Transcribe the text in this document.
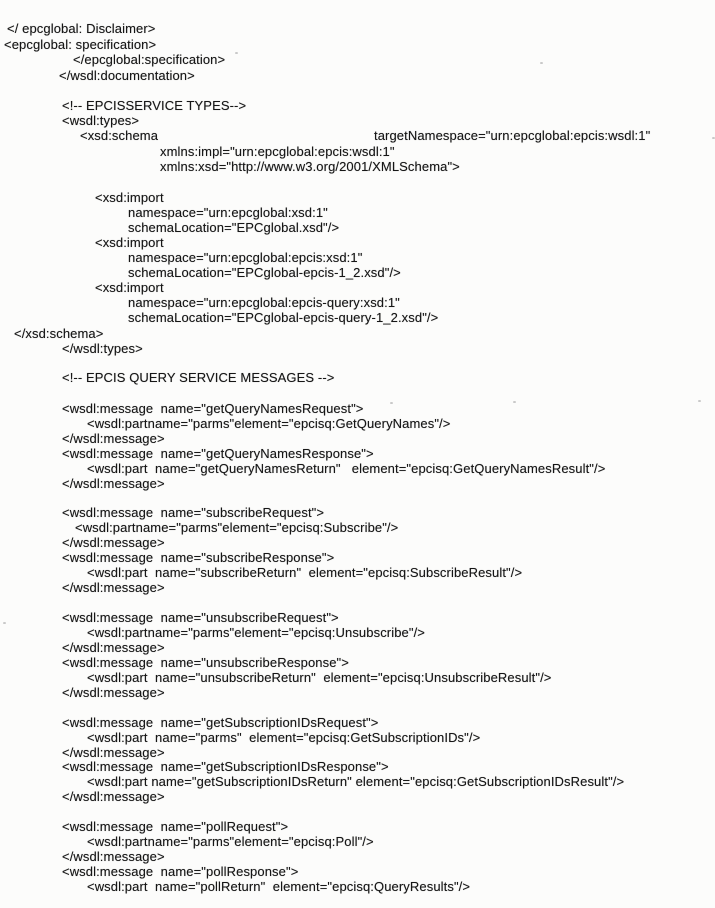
</ epcglobal: Disclaimer>
<epcglobal: specification>
</epcglobal:specification>
</wsdl:documentation>
<!-- EPCISSERVICE TYPES-->
<wsdl:types>
<xsd:schema	targetNamespace="urn:epcglobal:epcis:wsdl:1"
xmlns:impl="urn:epcglobal:epcis:wsdl:1"
xmlns:xsd="http://www.w3.org/2001/XMLSchema">
<xsd:import
namespace="urn:epcglobal:xsd:1"
schemaLocation="EPCglobal.xsd"/>
<xsd:import
namespace="urn:epcglobal:epcis:xsd:1"
schemaLocation="EPCglobal-epcis-1_2.xsd"/>
<xsd:import
namespace="urn:epcglobal:epcis-query:xsd:1"
schemaLocation="EPCglobal-epcis-query-1_2.xsd"/>
</xsd:schema>
</wsdl:types>
<!-- EPCIS QUERY SERVICE MESSAGES -->
<wsdl:message  name="getQueryNamesRequest">
<wsdl:partname="parms"element="epcisq:GetQueryNames"/>
</wsdl:message>
<wsdl:message  name="getQueryNamesResponse">
<wsdl:part  name="getQueryNamesReturn"   element="epcisq:GetQueryNamesResult"/>
</wsdl:message>
<wsdl:message  name="subscribeRequest">
<wsdl:partname="parms"element="epcisq:Subscribe"/>
</wsdl:message>
<wsdl:message  name="subscribeResponse">
<wsdl:part  name="subscribeReturn"  element="epcisq:SubscribeResult"/>
</wsdl:message>
<wsdl:message  name="unsubscribeRequest">
<wsdl:partname="parms"element="epcisq:Unsubscribe"/>
</wsdl:message>
<wsdl:message  name="unsubscribeResponse">
<wsdl:part  name="unsubscribeReturn"  element="epcisq:UnsubscribeResult"/>
</wsdl:message>
<wsdl:message  name="getSubscriptionIDsRequest">
<wsdl:part  name="parms"  element="epcisq:GetSubscriptionIDs"/>
</wsdl:message>
<wsdl:message  name="getSubscriptionIDsResponse">
<wsdl:part name="getSubscriptionIDsReturn" element="epcisq:GetSubscriptionIDsResult"/>
</wsdl:message>
<wsdl:message  name="pollRequest">
<wsdl:partname="parms"element="epcisq:Poll"/>
</wsdl:message>
<wsdl:message  name="pollResponse">
<wsdl:part  name="pollReturn"  element="epcisq:QueryResults"/>
